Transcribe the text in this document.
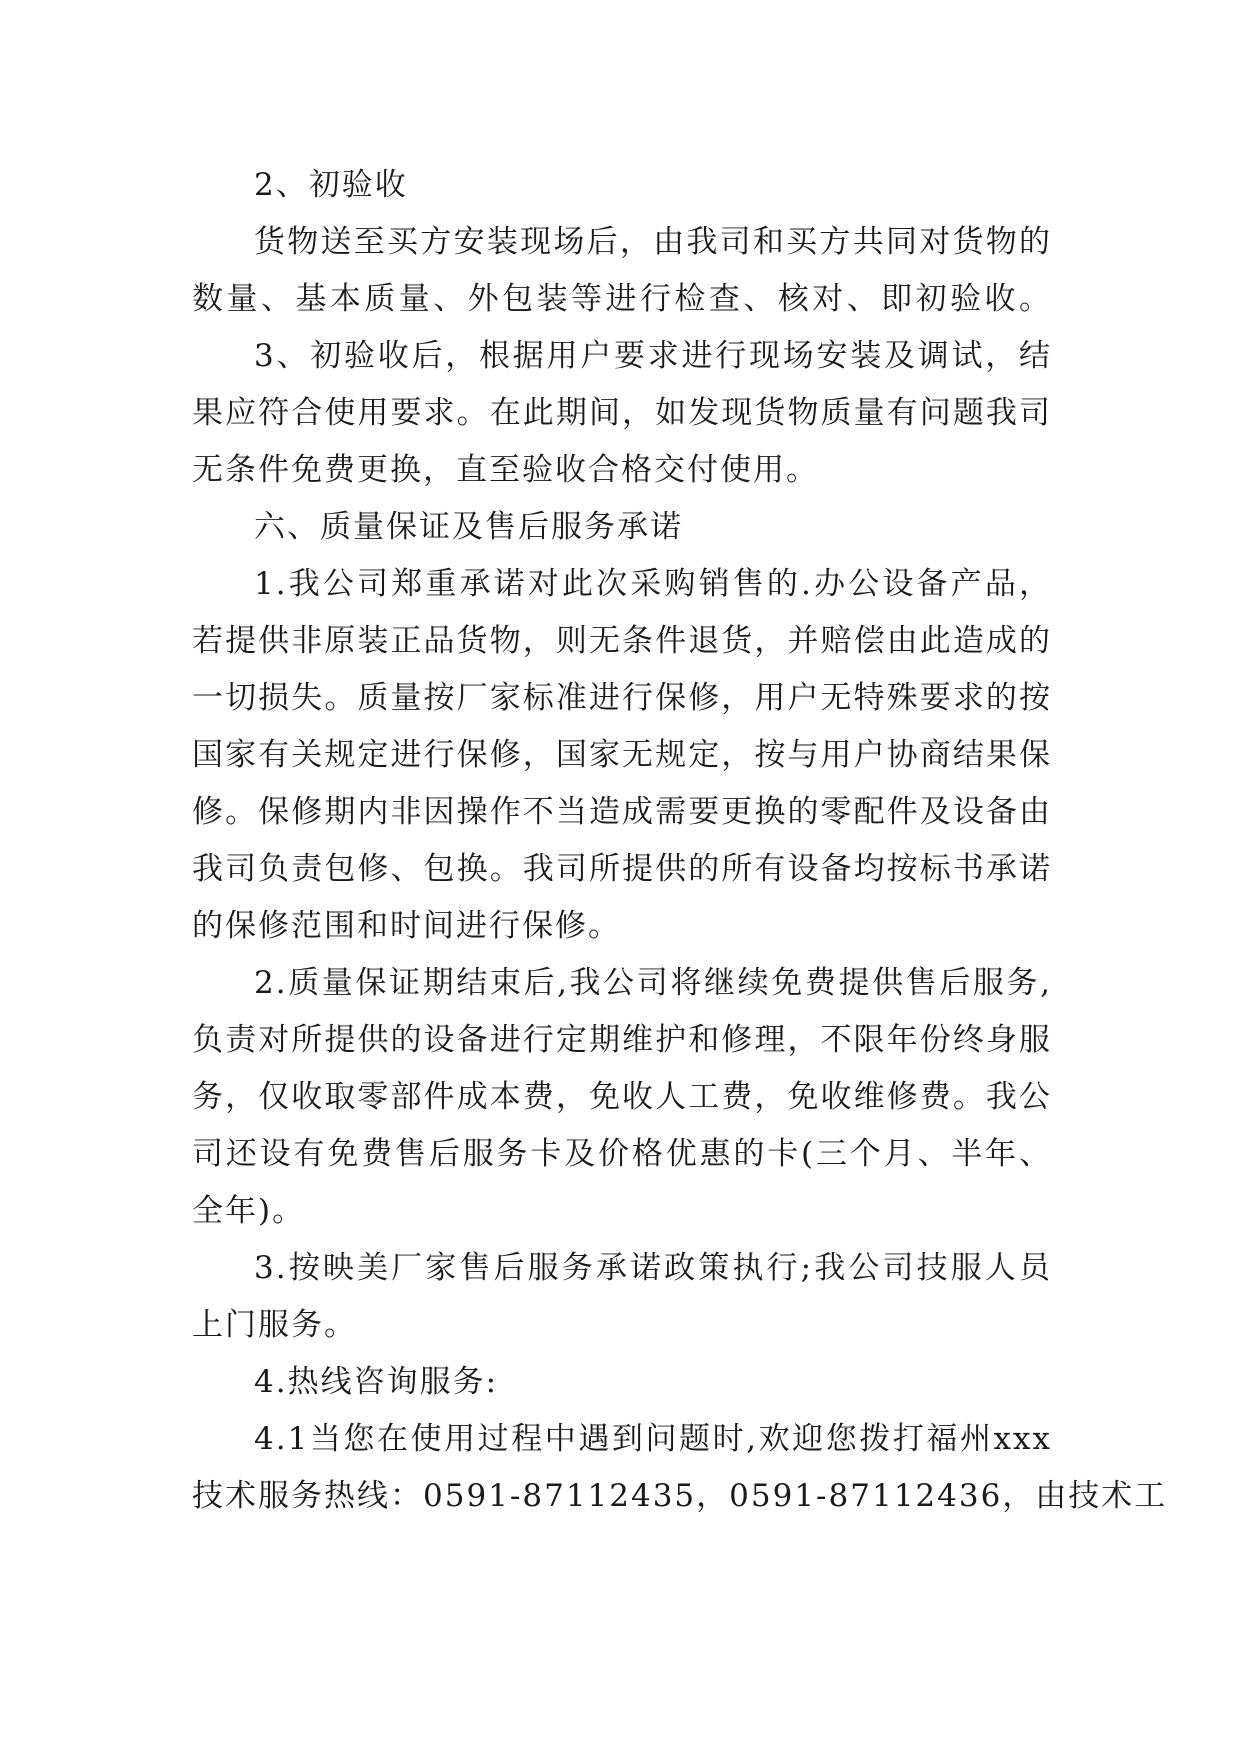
2、初验收
货物送至买方安装现场后，由我司和买方共同对货物的
数量、基本质量、外包装等进行检查、核对、即初验收。
3、初验收后，根据用户要求进行现场安装及调试，结
果应符合使用要求。在此期间，如发现货物质量有问题我司
无条件免费更换，直至验收合格交付使用。
六、质量保证及售后服务承诺
1.我公司郑重承诺对此次采购销售的.办公设备产品，
若提供非原装正品货物，则无条件退货，并赔偿由此造成的
一切损失。质量按厂家标准进行保修，用户无特殊要求的按
国家有关规定进行保修，国家无规定，按与用户协商结果保
修。保修期内非因操作不当造成需要更换的零配件及设备由
我司负责包修、包换。我司所提供的所有设备均按标书承诺
的保修范围和时间进行保修。
2.质量保证期结束后,我公司将继续免费提供售后服务,
负责对所提供的设备进行定期维护和修理，不限年份终身服
务，仅收取零部件成本费，免收人工费，免收维修费。我公
司还设有免费售后服务卡及价格优惠的卡(三个月、半年、
全年)。
3.按映美厂家售后服务承诺政策执行;我公司技服人员
上门服务。
4.热线咨询服务:
4.1当您在使用过程中遇到问题时,欢迎您拨打福州xxx
技术服务热线：0591-87112435，0591-87112436，由技术工
